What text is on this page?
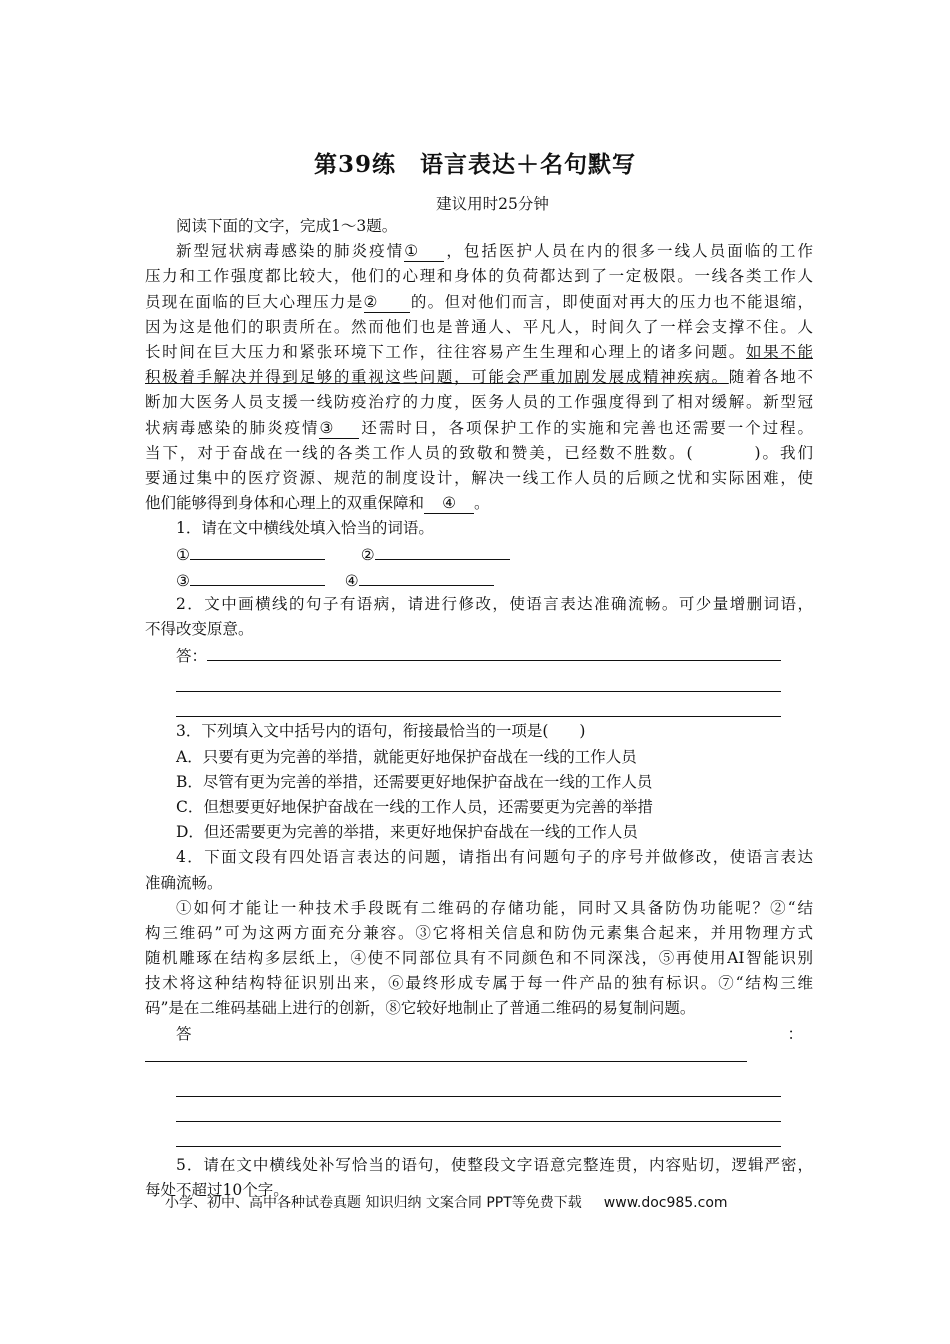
第39练　语言表达＋名句默写
建议用时25分钟
阅读下面的文字，完成1～3题。
新型冠状病毒感染的肺炎疫情① ，包括医护人员在内的很多一线人员面临的工作
压力和工作强度都比较大，他们的心理和身体的负荷都达到了一定极限。一线各类工作人
员现在面临的巨大心理压力是② 的。但对他们而言，即使面对再大的压力也不能退缩，
因为这是他们的职责所在。然而他们也是普通人、平凡人，时间久了一样会支撑不住。人
长时间在巨大压力和紧张环境下工作，往往容易产生生理和心理上的诸多问题。如果不能
积极着手解决并得到足够的重视这些问题，可能会严重加剧发展成精神疾病。随着各地不
断加大医务人员支援一线防疫治疗的力度，医务人员的工作强度得到了相对缓解。新型冠
状病毒感染的肺炎疫情③ 还需时日，各项保护工作的实施和完善也还需要一个过程。
当下，对于奋战在一线的各类工作人员的致敬和赞美，已经数不胜数。(	)。我们
要通过集中的医疗资源、规范的制度设计，解决一线工作人员的后顾之忧和实际困难，使
他们能够得到身体和心理上的双重保障和 ④ 。
1．请在文中横线处填入恰当的词语。
①	②
③	④
2．文中画横线的句子有语病，请进行修改，使语言表达准确流畅。可少量增删词语，
不得改变原意。
答：
3．下列填入文中括号内的语句，衔接最恰当的一项是(　　)
A．只要有更为完善的举措，就能更好地保护奋战在一线的工作人员
B．尽管有更为完善的举措，还需要更好地保护奋战在一线的工作人员
C．但想要更好地保护奋战在一线的工作人员，还需要更为完善的举措
D．但还需要更为完善的举措，来更好地保护奋战在一线的工作人员
4．下面文段有四处语言表达的问题，请指出有问题句子的序号并做修改，使语言表达
准确流畅。
①如何才能让一种技术手段既有二维码的存储功能，同时又具备防伪功能呢？②“结
构三维码”可为这两方面充分兼容。③它将相关信息和防伪元素集合起来，并用物理方式
随机雕琢在结构多层纸上，④使不同部位具有不同颜色和不同深浅，⑤再使用AI智能识别
技术将这种结构特征识别出来，⑥最终形成专属于每一件产品的独有标识。⑦“结构三维
码”是在二维码基础上进行的创新，⑧它较好地制止了普通二维码的易复制问题。
答	：
5．请在文中横线处补写恰当的语句，使整段文字语意完整连贯，内容贴切，逻辑严密，
每处不超过10个字。
小学、初中、高中各种试卷真题 知识归纳 文案合同 PPT等免费下载 www.doc985.com
